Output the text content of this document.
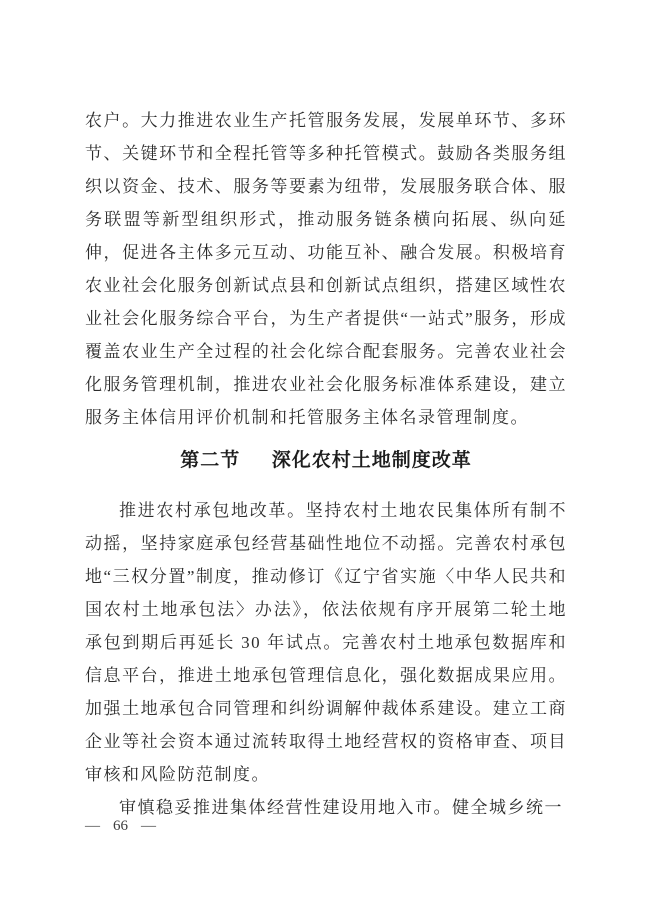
农户。大力推进农业生产托管服务发展，发展单环节、多环节、关键环节和全程托管等多种托管模式。鼓励各类服务组织以资金、技术、服务等要素为纽带，发展服务联合体、服务联盟等新型组织形式，推动服务链条横向拓展、纵向延伸，促进各主体多元互动、功能互补、融合发展。积极培育农业社会化服务创新试点县和创新试点组织，搭建区域性农业社会化服务综合平台，为生产者提供“一站式”服务，形成覆盖农业生产全过程的社会化综合配套服务。完善农业社会化服务管理机制，推进农业社会化服务标准体系建设，建立服务主体信用评价机制和托管服务主体名录管理制度。

第二节 深化农村土地制度改革

推进农村承包地改革。坚持农村土地农民集体所有制不动摇，坚持家庭承包经营基础性地位不动摇。完善农村承包地“三权分置”制度，推动修订《辽宁省实施〈中华人民共和国农村土地承包法〉办法》，依法依规有序开展第二轮土地承包到期后再延长 30 年试点。完善农村土地承包数据库和信息平台，推进土地承包管理信息化，强化数据成果应用。加强土地承包合同管理和纠纷调解仲裁体系建设。建立工商企业等社会资本通过流转取得土地经营权的资格审查、项目审核和风险防范制度。

审慎稳妥推进集体经营性建设用地入市。健全城乡统一

— 66 —
